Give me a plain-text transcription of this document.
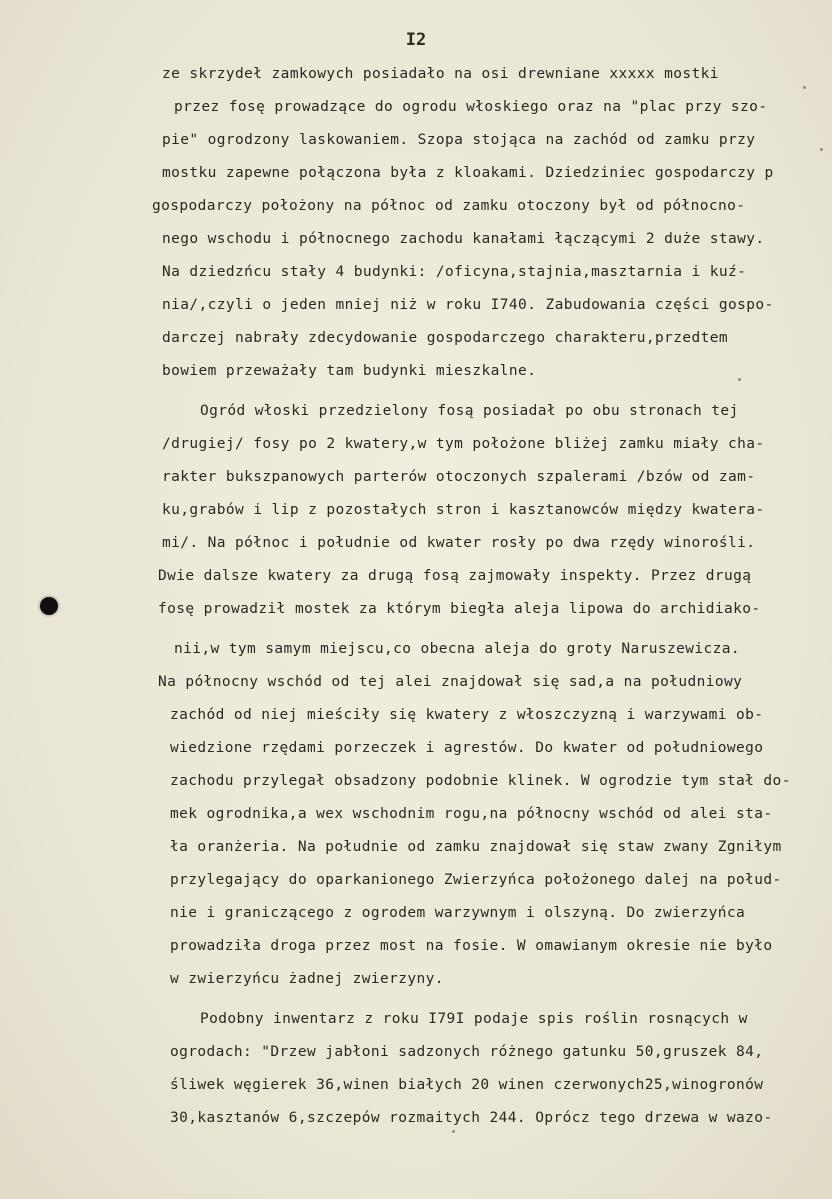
I2
ze skrzydeł zamkowych posiadało na osi drewniane xxxxx mostki
przez fosę prowadzące do ogrodu włoskiego oraz na "plac przy szo-
pie" ogrodzony laskowaniem. Szopa stojąca na zachód od zamku przy
mostku zapewne połączona była z kloakami. Dziedziniec gospodarczy p
gospodarczy położony na północ od zamku otoczony był od północno-
nego wschodu i północnego zachodu kanałami łączącymi 2 duże stawy.
Na dziedzńcu stały 4 budynki: /oficyna,stajnia,masztarnia i kuź-
nia/,czyli o jeden mniej niż w roku I740. Zabudowania części gospo-
darczej nabrały zdecydowanie gospodarczego charakteru,przedtem
bowiem przeważały tam budynki mieszkalne.
Ogród włoski przedzielony fosą posiadał po obu stronach tej
/drugiej/ fosy po 2 kwatery,w tym położone bliżej zamku miały cha-
rakter bukszpanowych parterów otoczonych szpalerami /bzów od zam-
ku,grabów i lip z pozostałych stron i kasztanowców między kwatera-
mi/. Na północ i południe od kwater rosły po dwa rzędy winorośli.
Dwie dalsze kwatery za drugą fosą zajmowały inspekty. Przez drugą
fosę prowadził mostek za którym biegła aleja lipowa do archidiako-
nii,w tym samym miejscu,co obecna aleja do groty Naruszewicza.
Na północny wschód od tej alei znajdował się sad,a na południowy
zachód od niej mieściły się kwatery z włoszczyzną i warzywami ob-
wiedzione rzędami porzeczek i agrestów. Do kwater od południowego
zachodu przylegał obsadzony podobnie klinek. W ogrodzie tym stał do-
mek ogrodnika,a wex wschodnim rogu,na północny wschód od alei sta-
ła oranżeria. Na południe od zamku znajdował się staw zwany Zgniłym
przylegający do oparkanionego Zwierzyńca położonego dalej na połud-
nie i graniczącego z ogrodem warzywnym i olszyną. Do zwierzyńca
prowadziła droga przez most na fosie. W omawianym okresie nie było
w zwierzyńcu żadnej zwierzyny.
Podobny inwentarz z roku I79I podaje spis roślin rosnących w
ogrodach: "Drzew jabłoni sadzonych różnego gatunku 50,gruszek 84,
śliwek węgierek 36,winen białych 20 winen czerwonych25,winogronów
30,kasztanów 6,szczepów rozmaitych 244. Oprócz tego drzewa w wazo-
